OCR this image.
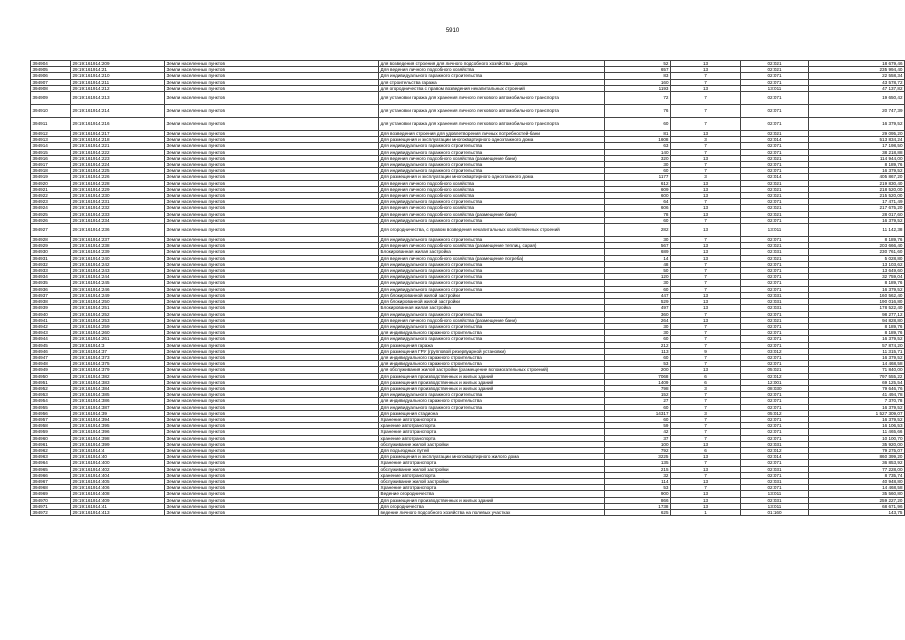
5910
394904	29:19:161914:209	Земли населенных пунктов	для возведения строения для личного подсобного хозяйства - двора	52	13	02:021	18 679,46
394905	29:19:161914:21	Земли населенных пунктов	Для ведения личного подсобного хозяйства	657	13	02:021	235 994,40
394906	29:19:161914:210	Земли населенных пунктов	Для индивидуального гаражного строительства	83	7	02:071	22 558,34
394907	29:19:161914:211	Земли населенных пунктов	для строительства гаража	160	7	02:071	43 578,72
394908	29:19:161914:212	Земли населенных пунктов	для огородничества с правом возведения некапитальных строений	1193	13	13:011	47 137,82
394909	29:19:161914:213	Земли населенных пунктов	для установки гаража для хранения личного легкового автомобильного транспорта	72	7	02:071	19 650,42
394910	29:19:161914:214	Земли населенных пунктов	для установки гаража для хранения личного легкового автомобильного транспорта	76	7	02:071	20 747,39
394911	29:19:161914:216	Земли населенных пунктов	для установки гаража для хранения личного легкового автомобильного транспорта	60	7	02:071	16 379,52
394912	29:19:161914:217	Земли населенных пунктов	Для возведения строения для удовлетворения личных потребностей-бани	81	13	02:021	29 095,20
394913	29:19:161914:218	Земли населенных пунктов	Для размещения и эксплуатации многоквартирного одноэтажного дома	1608	3	02:014	513 834,24
394914	29:19:161914:221	Земли населенных пунктов	Для индивидуального гаражного строительства	63	7	02:071	17 198,50
394915	29:19:161914:222	Земли населенных пунктов	Для индивидуального гаражного строительства	140	7	02:071	38 218,88
394916	29:19:161914:223	Земли населенных пунктов	Для ведения личного подсобного хозяйства (размещение бани)	320	13	02:021	114 944,00
394917	29:19:161914:224	Земли населенных пунктов	Для индивидуального гаражного строительства	30	7	02:071	8 189,76
394918	29:19:161914:225	Земли населенных пунктов	Для индивидуального гаражного строительства	60	7	02:071	16 379,52
394919	29:19:161914:226	Земли населенных пунктов	Для размещения и эксплуатации многоквартирного одноэтажного дома	1177	3	02:014	405 867,20
394920	29:19:161914:228	Земли населенных пунктов	Для ведения личного подсобного хозяйства	612	13	02:021	219 830,40
394921	29:19:161914:229	Земли населенных пунктов	Для ведения личного подсобного хозяйства	609	13	02:021	218 520,00
394922	29:19:161914:230	Земли населенных пунктов	Для ведения личного подсобного хозяйства	600	13	02:021	215 520,00
394923	29:19:161914:231	Земли населенных пунктов	Для индивидуального гаражного строительства	64	7	02:071	17 471,49
394924	29:19:161914:232	Земли населенных пунктов	Для ведения личного подсобного хозяйства	606	13	02:021	217 675,20
394925	29:19:161914:233	Земли населенных пунктов	Для ведения личного подсобного хозяйства (размещение бани)	78	13	02:021	28 017,60
394926	29:19:161914:234	Земли населенных пунктов	Для индивидуального гаражного строительства	60	7	02:071	16 379,52
394927	29:19:161914:236	Земли населенных пунктов	Для огородничества, с правом возведения некапитальных хозяйственных строений	282	13	13:011	11 142,38
394928	29:19:161914:237	Земли населенных пунктов	Для индивидуального гаражного строительства	30	7	02:071	8 189,76
394929	29:19:161914:238	Земли населенных пунктов	Для ведения личного подсобного хозяйства (размещение теплиц, сарая)	567	13	02:021	203 666,40
394930	29:19:161914:239	Земли населенных пунктов	Блокированная жилая застройка	689	13	02:031	230 761,60
394931	29:19:161914:240	Земли населенных пунктов	Для ведения личного подсобного хозяйства (размещение погреба)	14	13	02:021	5 028,80
394932	29:19:161914:242	Земли населенных пунктов	Для индивидуального гаражного строительства	48	7	02:071	13 103,62
394933	29:19:161914:243	Земли населенных пунктов	Для индивидуального гаражного строительства	50	7	02:071	13 649,60
394934	29:19:161914:244	Земли населенных пунктов	Для индивидуального гаражного строительства	120	7	02:071	32 759,04
394935	29:19:161914:245	Земли населенных пунктов	Для индивидуального гаражного строительства	30	7	02:071	8 189,76
394936	29:19:161914:246	Земли населенных пунктов	Для индивидуального гаражного строительства	60	7	02:071	16 379,52
394937	29:19:161914:249	Земли населенных пунктов	Для блокированной жилой застройки	447	13	02:031	160 562,40
394938	29:19:161914:250	Земли населенных пунктов	Для блокированной жилой застройки	529	13	02:031	190 016,80
394939	29:19:161914:251	Земли населенных пунктов	Блокированная жилая застройка	497	13	02:031	178 522,40
394940	29:19:161914:252	Земли населенных пунктов	Для индивидуального гаражного строительства	360	7	02:071	98 277,12
394941	29:19:161914:253	Земли населенных пунктов	Для ведения личного подсобного хозяйства (размещение бани)	264	13	02:021	94 828,80
394942	29:19:161914:259	Земли населенных пунктов	Для индивидуального гаражного строительства	30	7	02:071	8 189,76
394943	29:19:161914:260	Земли населенных пунктов	для индивидуального гаражного строительства	30	7	02:071	8 189,76
394944	29:19:161914:261	Земли населенных пунктов	Для индивидуального гаражного строительства	60	7	02:071	16 379,52
394945	29:19:161914:3	Земли населенных пунктов	Для размещения гаража	212	7	02:071	57 874,20
394946	29:19:161914:37	Земли населенных пунктов	Для размещения ГРУ (групповой резервуарной установки)	113	9	03:012	11 315,71
394947	29:19:161914:373	Земли населенных пунктов	для индивидуального гаражного строительства	60	7	02:071	16 379,52
394948	29:19:161914:375	Земли населенных пунктов	для индивидуального гаражного строительства	53	7	02:071	14 468,58
394949	29:19:161914:379	Земли населенных пунктов	для обслуживания жилой застройки (размещение вспомогательных строений)	200	13	05:021	71 840,00
394950	29:19:161914:382	Земли населенных пунктов	Для размещения производственных и жилых зданий	7068	6	02:012	797 555,22
394951	29:19:161914:383	Земли населенных пунктов	Для размещения производственных и жилых зданий	1409	6	12:001	69 125,54
394952	29:19:161914:384	Земли населенных пунктов	Для размещения производственных и жилых зданий	798	3	08:030	79 646,76
394953	29:19:161914:385	Земли населенных пунктов	Для индивидуального гаражного строительства	152	7	02:071	41 494,78
394954	29:19:161914:386	Земли населенных пунктов	для индивидуального гаражного строительства	27	7	02:071	7 370,78
394955	29:19:161914:387	Земли населенных пунктов	Для индивидуального гаражного строительства	60	7	02:071	16 379,52
394956	29:19:161914:39	Земли населенных пунктов	Для размещения стадиона	14317	3	05:012	1 527 309,07
394957	29:19:161914:394	Земли населенных пунктов	Хранение автотранспорта	60	7	02:071	16 379,52
394958	29:19:161914:395	Земли населенных пунктов	хранение автотранспорта	59	7	02:071	16 106,53
394959	29:19:161914:396	Земли населенных пунктов	Хранение автотранспорта	42	7	02:071	11 465,66
394960	29:19:161914:398	Земли населенных пунктов	хранение автотранспорта	37	7	02:071	10 100,70
394961	29:19:161914:399	Земли населенных пунктов	обслуживание жилой застройки	100	13	02:031	35 920,00
394962	29:19:161914:4	Земли населенных пунктов	Для подъездных путей	792	6	02:012	79 275,07
394963	29:19:161914:40	Земли населенных пунктов	Для размещения и эксплуатации многоквартирного жилого дома	3225	13	02:014	860 399,20
394964	29:19:161914:400	Земли населенных пунктов	Хранение автотранспорта	135	7	02:071	36 853,92
394965	29:19:161914:402	Земли населенных пунктов	обслуживание жилой застройки	215	13	02:031	77 228,00
394966	29:19:161914:404	Земли населенных пунктов	хранение автотранспорта	32	7	02:071	8 735,74
394967	29:19:161914:405	Земли населенных пунктов	обслуживание жилой застройки	114	13	02:031	40 948,80
394968	29:19:161914:406	Земли населенных пунктов	Хранение автотранспорта	53	7	02:071	14 468,58
394969	29:19:161914:408	Земли населенных пунктов	Ведение огородничества	900	13	13:011	35 560,80
394970	29:19:161914:409	Земли населенных пунктов	Для размещения производственных и жилых зданий	866	13	02:031	259 227,20
394971	29:19:161914:41	Земли населенных пунктов	Для огородничества	1738	13	13:011	68 671,96
394972	29:19:161914:413	Земли населенных пунктов	ведение личного подсобного хозяйства на полевых участках	625	1	01:160	143,75
